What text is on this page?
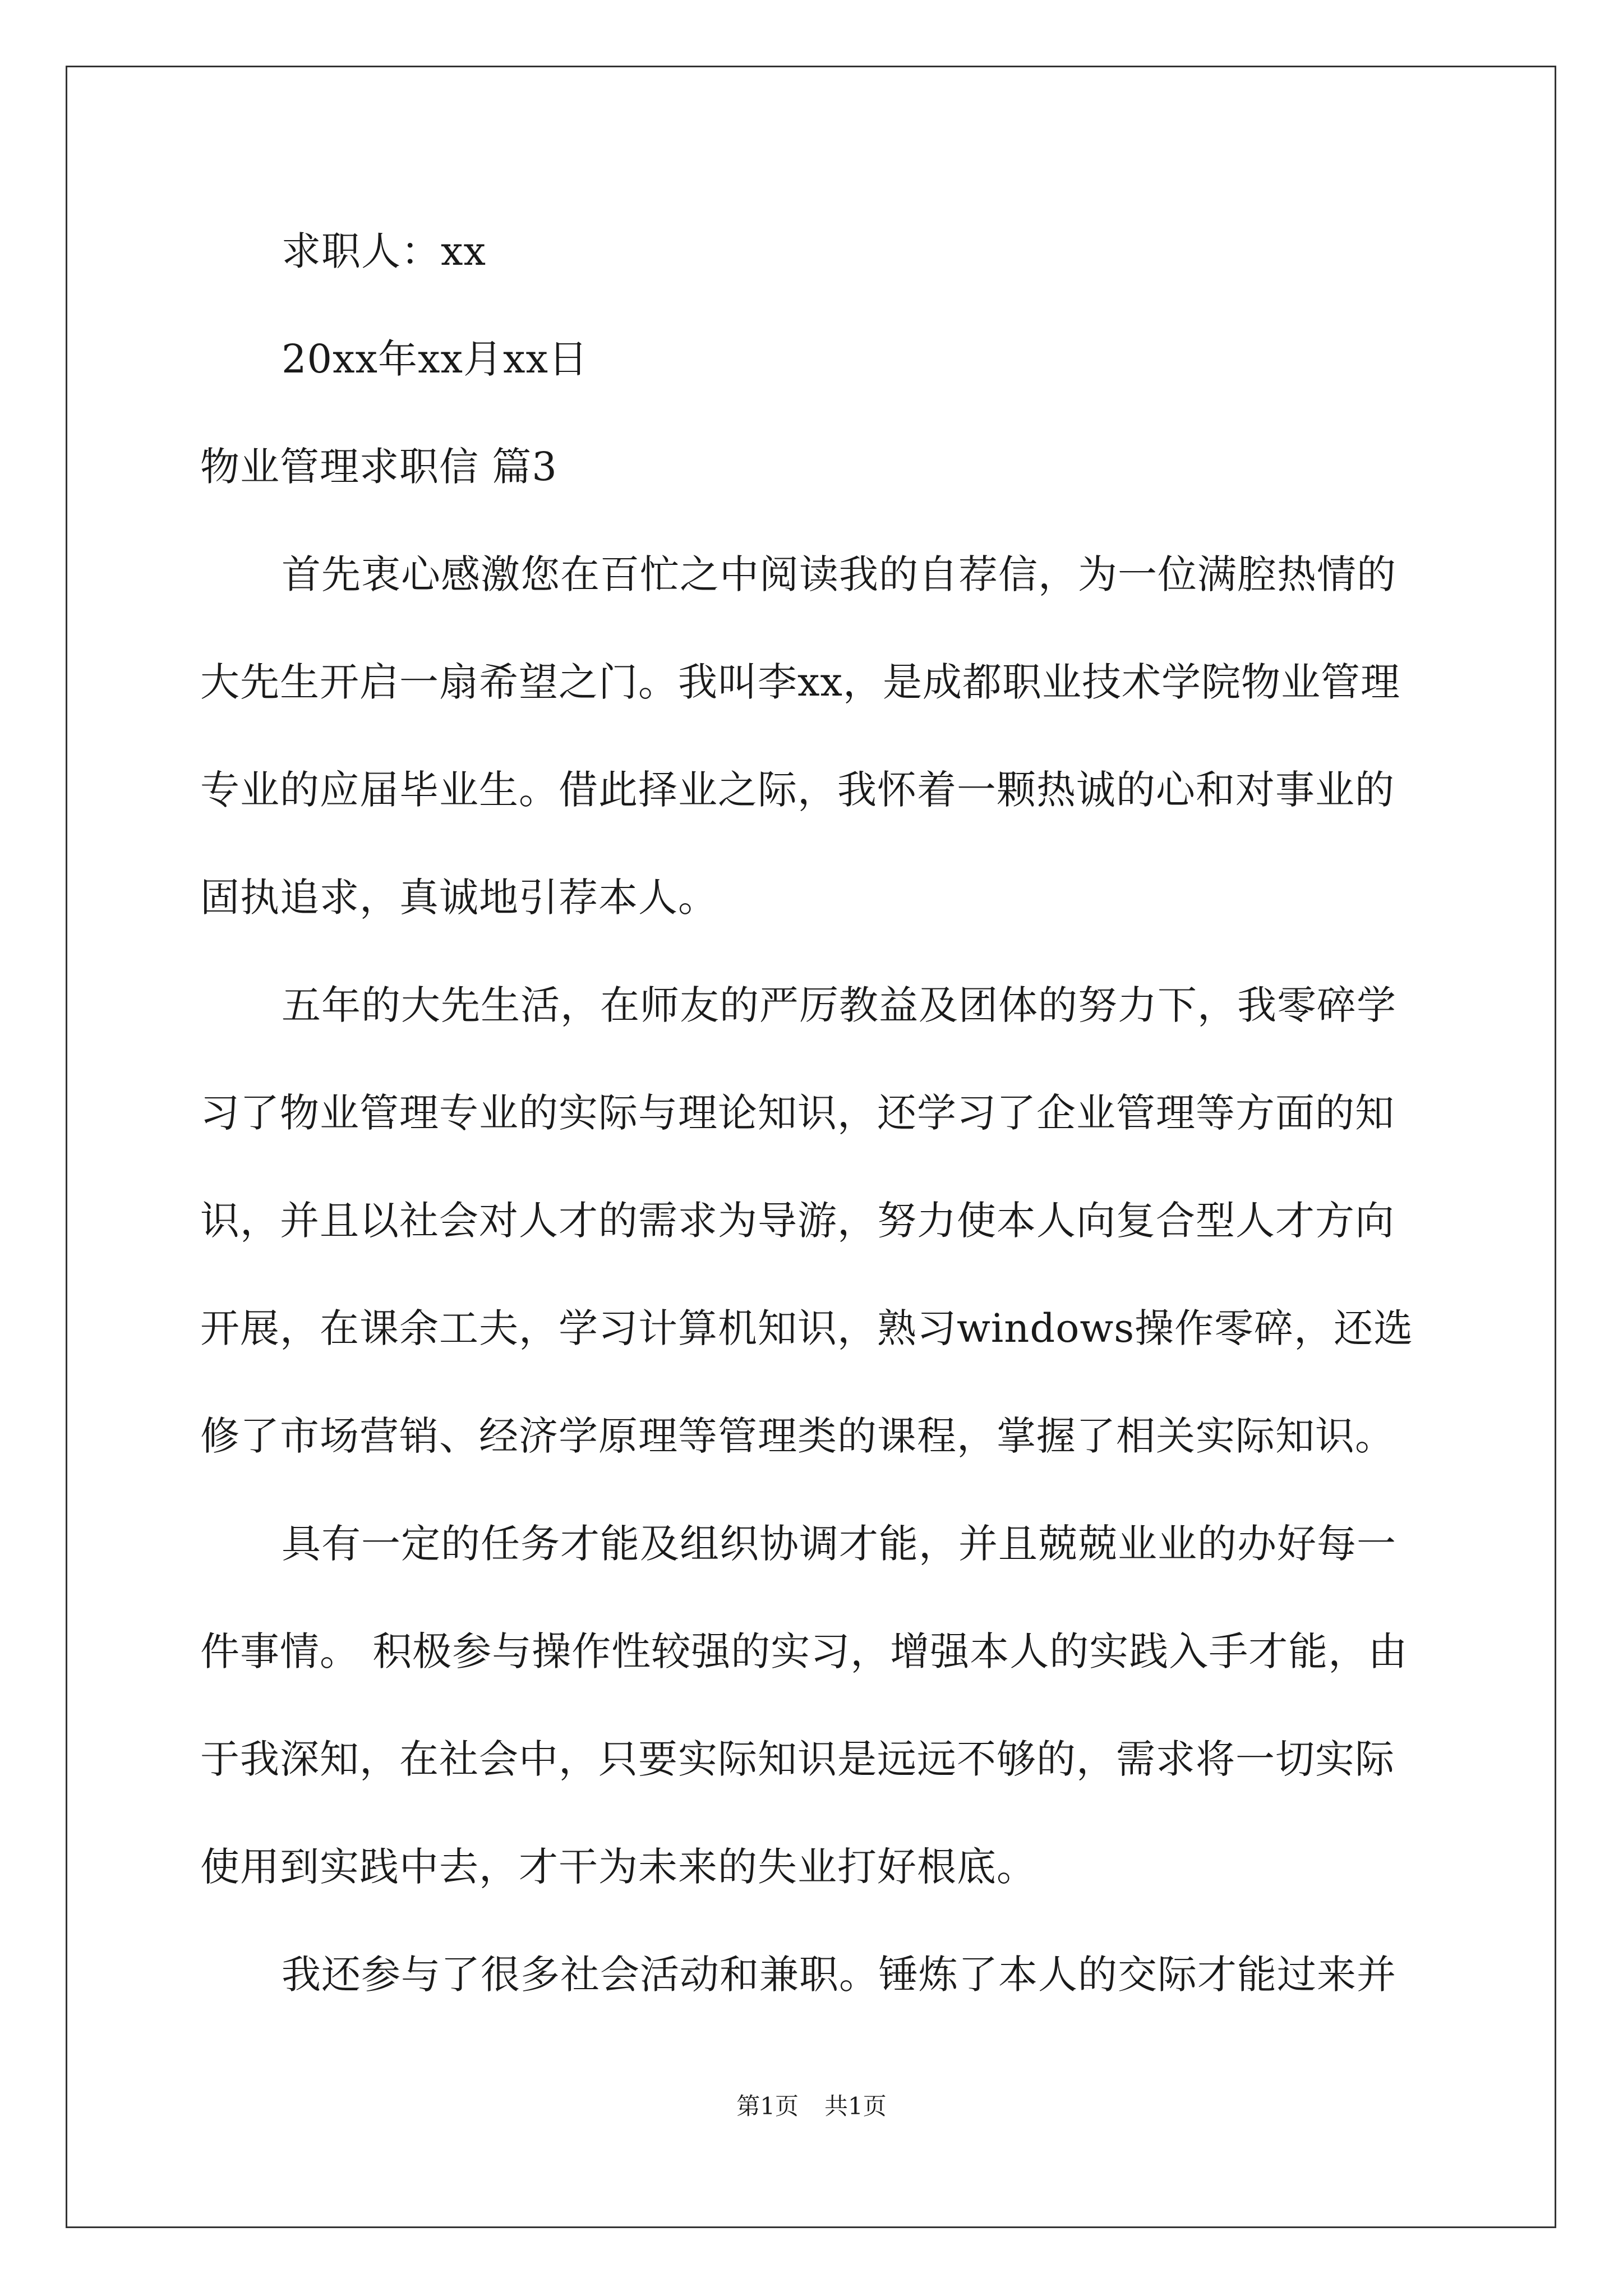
求职人：xx
20xx年xx月xx日
物业管理求职信 篇3
首先衷心感激您在百忙之中阅读我的自荐信，为一位满腔热情的
大先生开启一扇希望之门。我叫李xx，是成都职业技术学院物业管理
专业的应届毕业生。借此择业之际，我怀着一颗热诚的心和对事业的
固执追求，真诚地引荐本人。
五年的大先生活，在师友的严厉教益及团体的努力下，我零碎学
习了物业管理专业的实际与理论知识，还学习了企业管理等方面的知
识，并且以社会对人才的需求为导游，努力使本人向复合型人才方向
开展，在课余工夫，学习计算机知识，熟习windows操作零碎，还选
修了市场营销、经济学原理等管理类的课程，掌握了相关实际知识。
具有一定的任务才能及组织协调才能，并且兢兢业业的办好每一
件事情。 积极参与操作性较强的实习，增强本人的实践入手才能，由
于我深知，在社会中，只要实际知识是远远不够的，需求将一切实际
使用到实践中去，才干为未来的失业打好根底。
我还参与了很多社会活动和兼职。锤炼了本人的交际才能过来并
第1页 共1页
